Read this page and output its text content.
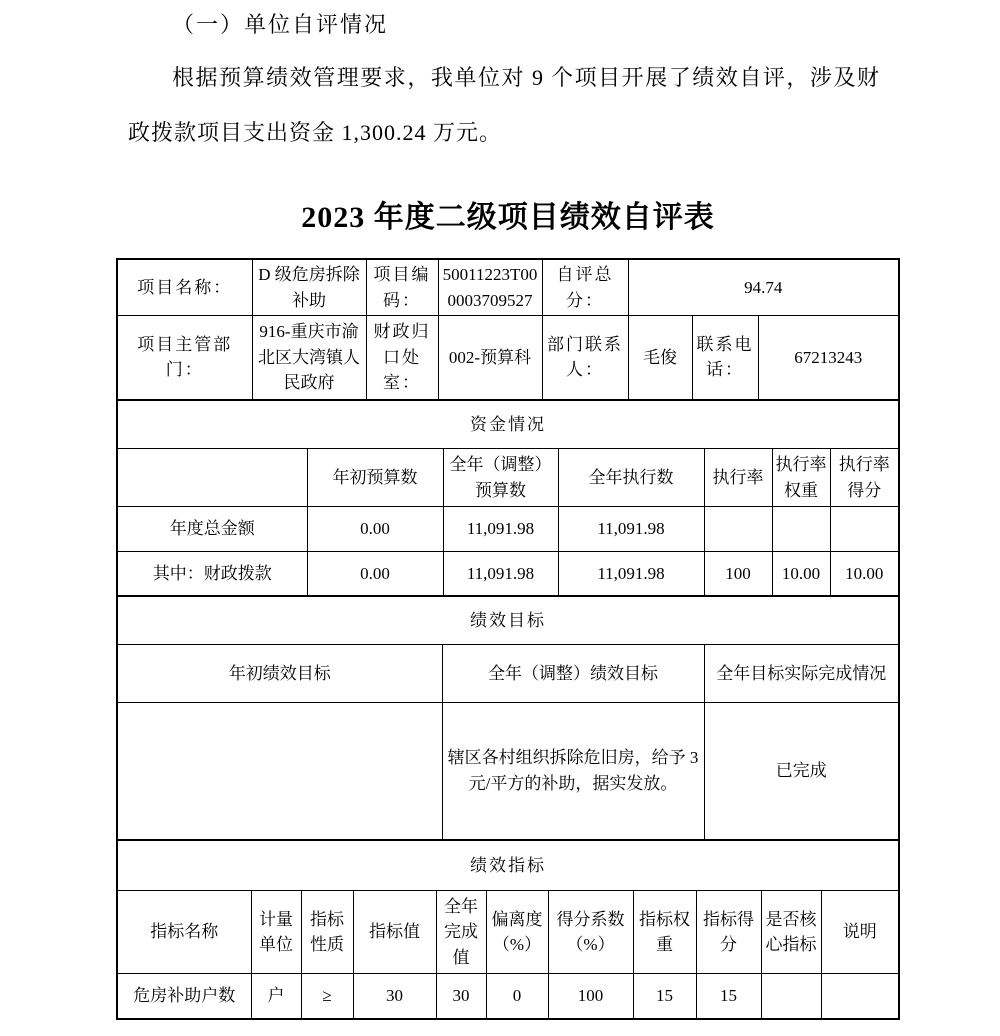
（一）单位自评情况

根据预算绩效管理要求，我单位对 9 个项目开展了绩效自评，涉及财政拨款项目支出资金 1,300.24 万元。

2023 年度二级项目绩效自评表
项目名称：	D 级危房拆除补助	项目编码：	50011223T000003709527	自评总分：	94.74		
项目主管部门：	916-重庆市渝北区大湾镇人民政府	财政归口处室：	002-预算科	部门联系人：	毛俊	联系电话：	67213243
资金情况						
	年初预算数	全年（调整）预算数	全年执行数	执行率	执行率权重	执行率得分
年度总金额	0.00	11,091.98	11,091.98			
其中：财政拨款	0.00	11,091.98	11,091.98	100	10.00	10.00
绩效目标		
年初绩效目标	全年（调整）绩效目标	全年目标实际完成情况
	辖区各村组织拆除危旧房，给予 3 元/平方的补助，据实发放。	已完成
绩效指标										
指标名称	计量单位	指标性质	指标值	全年完成值	偏离度（%）	得分系数（%）	指标权重	指标得分	是否核心指标	说明
危房补助户数	户	≥	30	30	0	100	15	15		
